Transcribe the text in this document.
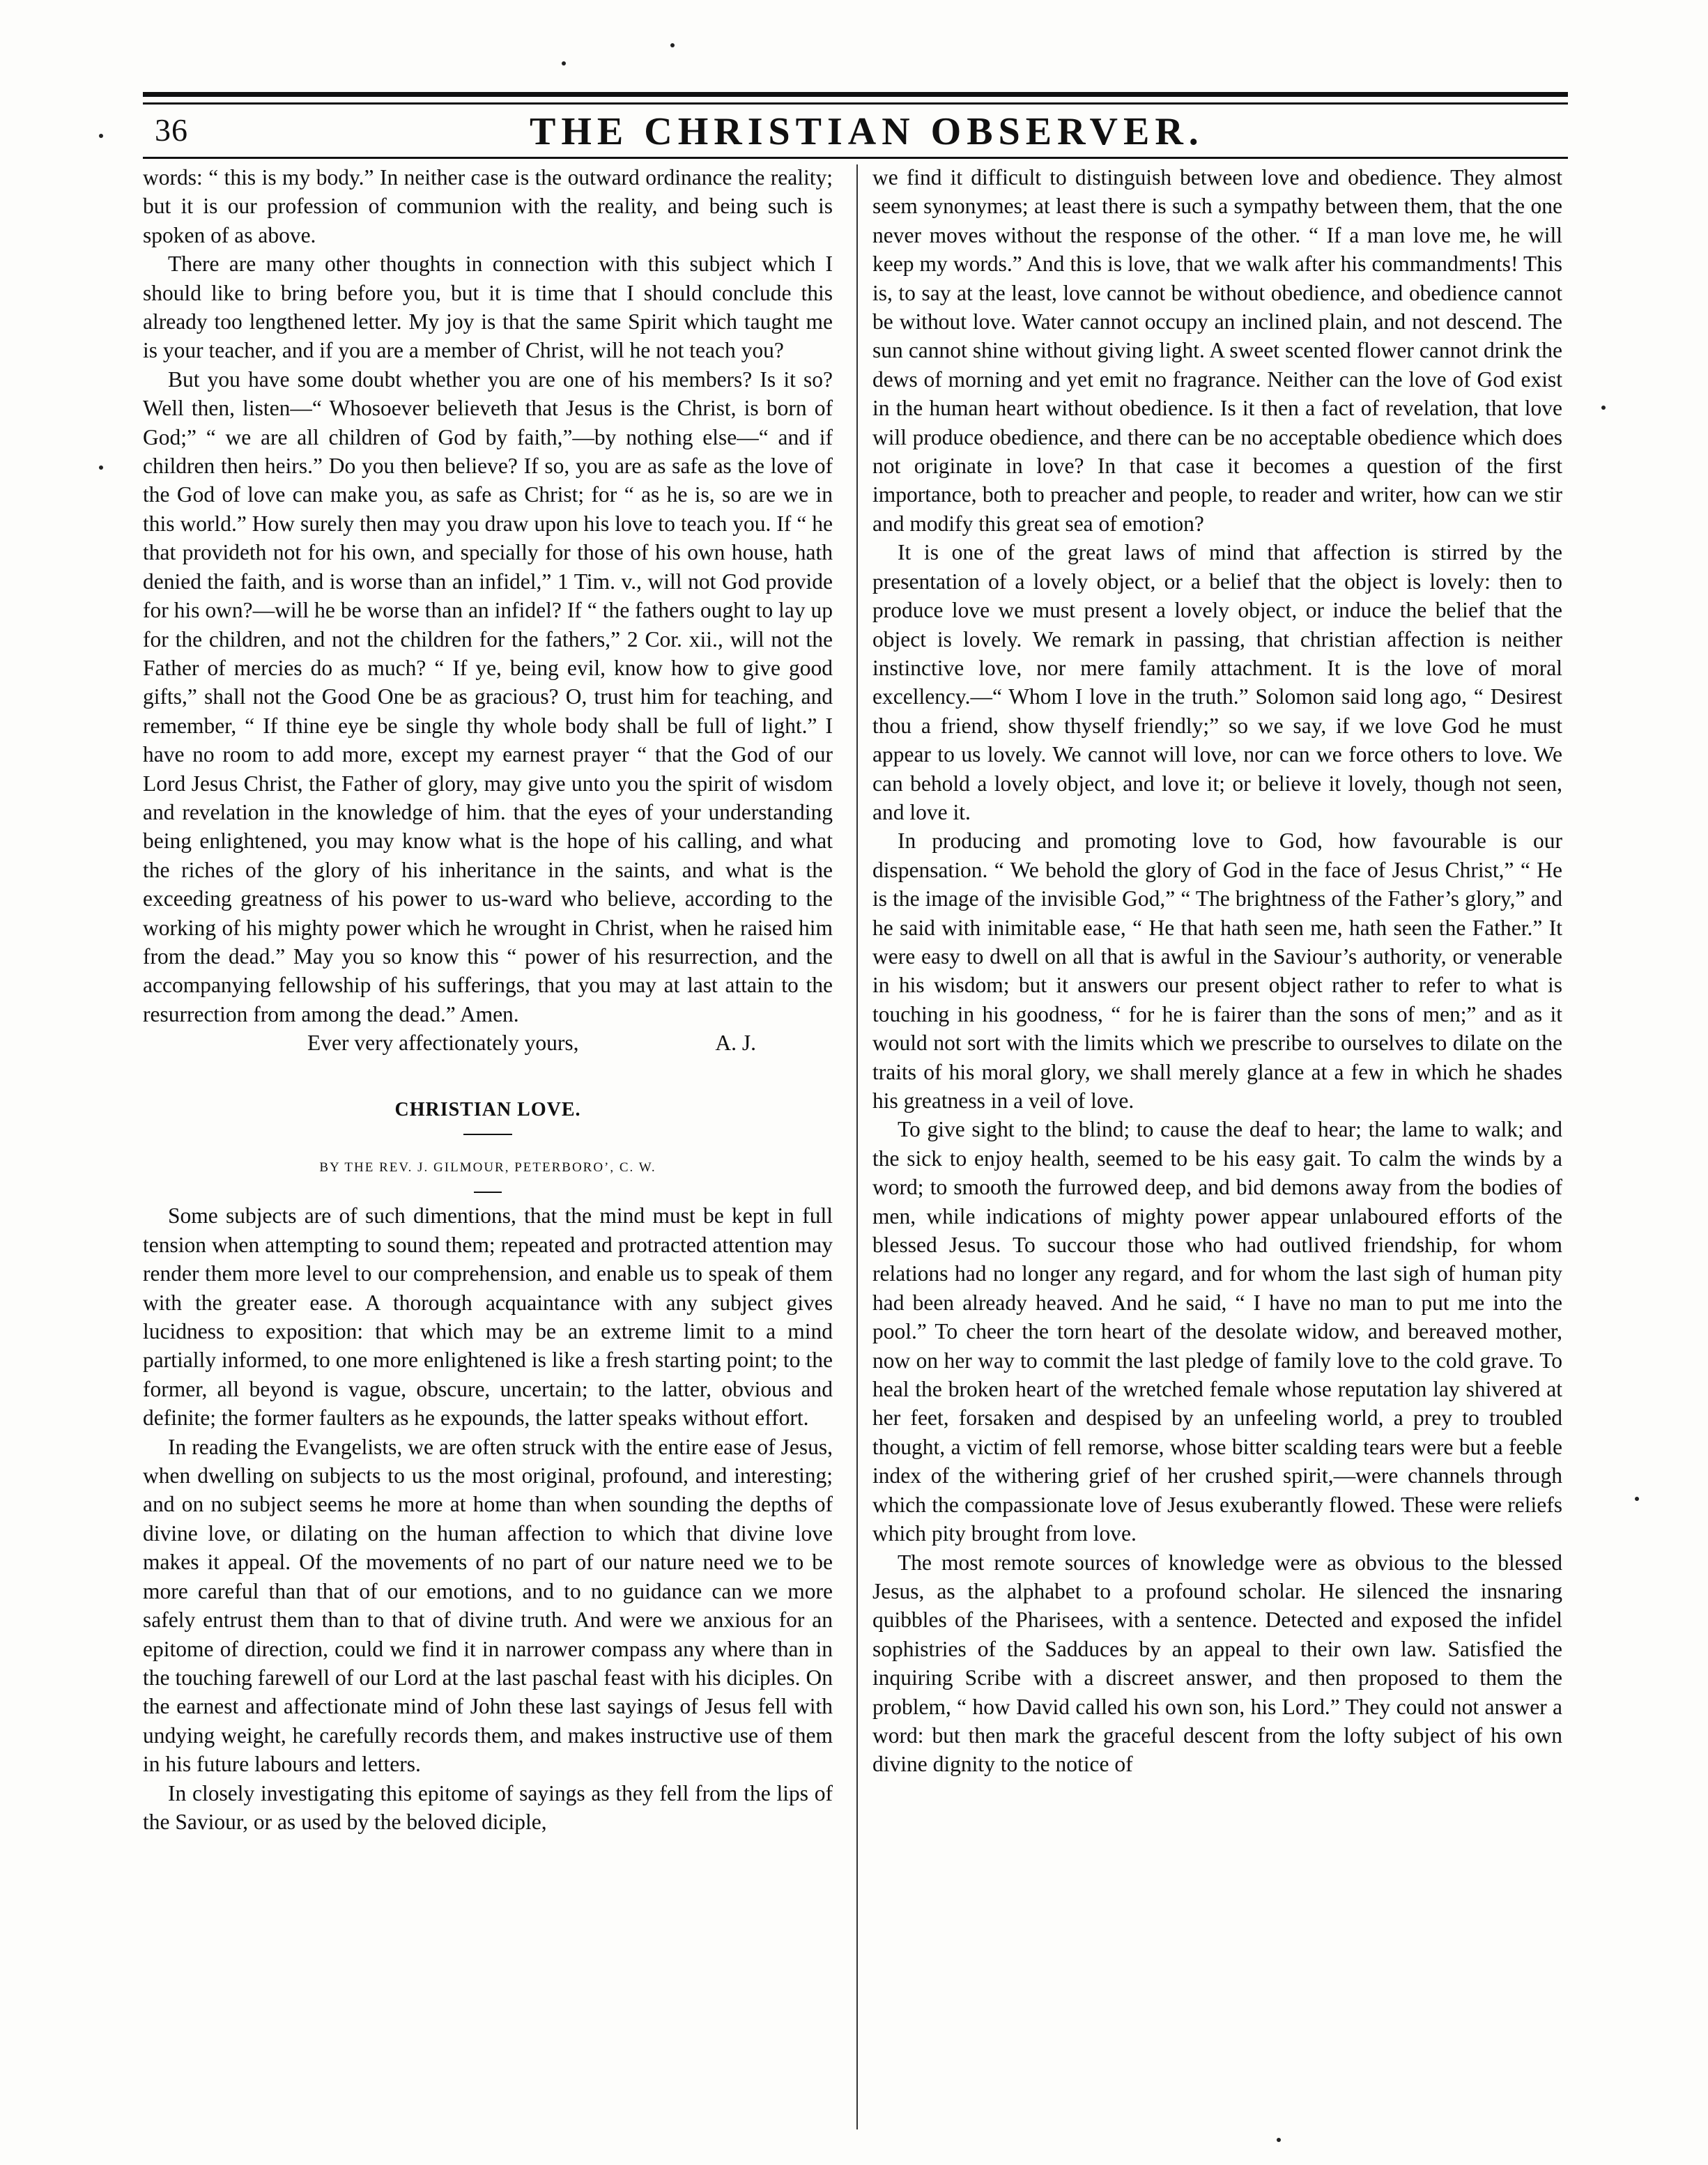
36	THE CHRISTIAN OBSERVER.

words: “ this is my body.” In neither case is the outward ordinance the reality; but it is our profession of communion with the reality, and being such is spoken of as above.

There are many other thoughts in connection with this subject which I should like to bring before you, but it is time that I should conclude this already too lengthened letter. My joy is that the same Spirit which taught me is your teacher, and if you are a member of Christ, will he not teach you?

But you have some doubt whether you are one of his members? Is it so? Well then, listen—“ Whosoever believeth that Jesus is the Christ, is born of God;” “ we are all children of God by faith,”—by nothing else—“ and if children then heirs.” Do you then believe? If so, you are as safe as the love of the God of love can make you, as safe as Christ; for “ as he is, so are we in this world.” How surely then may you draw upon his love to teach you. If “ he that provideth not for his own, and specially for those of his own house, hath denied the faith, and is worse than an infidel,” 1 Tim. v., will not God provide for his own?—will he be worse than an infidel? If “ the fathers ought to lay up for the children, and not the children for the fathers,” 2 Cor. xii., will not the Father of mercies do as much? “ If ye, being evil, know how to give good gifts,” shall not the Good One be as gracious? O, trust him for teaching, and remember, “ If thine eye be single thy whole body shall be full of light.” I have no room to add more, except my earnest prayer “ that the God of our Lord Jesus Christ, the Father of glory, may give unto you the spirit of wisdom and revelation in the knowledge of him. that the eyes of your understanding being enlightened, you may know what is the hope of his calling, and what the riches of the glory of his inheritance in the saints, and what is the exceeding greatness of his power to us-ward who believe, according to the working of his mighty power which he wrought in Christ, when he raised him from the dead.” May you so know this “ power of his resurrection, and the accompanying fellowship of his sufferings, that you may at last attain to the resurrection from among the dead.” Amen.

Ever very affectionately yours,	A. J.

CHRISTIAN LOVE.
BY THE REV. J. GILMOUR, PETERBORO’, C. W.

Some subjects are of such dimentions, that the mind must be kept in full tension when attempting to sound them; repeated and protracted attention may render them more level to our comprehension, and enable us to speak of them with the greater ease. A thorough acquaintance with any subject gives lucidness to exposition: that which may be an extreme limit to a mind partially informed, to one more enlightened is like a fresh starting point; to the former, all beyond is vague, obscure, uncertain; to the latter, obvious and definite; the former faulters as he expounds, the latter speaks without effort.

In reading the Evangelists, we are often struck with the entire ease of Jesus, when dwelling on subjects to us the most original, profound, and interesting; and on no subject seems he more at home than when sounding the depths of divine love, or dilating on the human affection to which that divine love makes it appeal. Of the movements of no part of our nature need we to be more careful than that of our emotions, and to no guidance can we more safely entrust them than to that of divine truth. And were we anxious for an epitome of direction, could we find it in narrower compass any where than in the touching farewell of our Lord at the last paschal feast with his diciples. On the earnest and affectionate mind of John these last sayings of Jesus fell with undying weight, he carefully records them, and makes instructive use of them in his future labours and letters.

In closely investigating this epitome of sayings as they fell from the lips of the Saviour, or as used by the beloved diciple,

we find it difficult to distinguish between love and obedience. They almost seem synonymes; at least there is such a sympathy between them, that the one never moves without the response of the other. “ If a man love me, he will keep my words.” And this is love, that we walk after his commandments! This is, to say at the least, love cannot be without obedience, and obedience cannot be without love. Water cannot occupy an inclined plain, and not descend. The sun cannot shine without giving light. A sweet scented flower cannot drink the dews of morning and yet emit no fragrance. Neither can the love of God exist in the human heart without obedience. Is it then a fact of revelation, that love will produce obedience, and there can be no acceptable obedience which does not originate in love? In that case it becomes a question of the first importance, both to preacher and people, to reader and writer, how can we stir and modify this great sea of emotion?

It is one of the great laws of mind that affection is stirred by the presentation of a lovely object, or a belief that the object is lovely: then to produce love we must present a lovely object, or induce the belief that the object is lovely. We remark in passing, that christian affection is neither instinctive love, nor mere family attachment. It is the love of moral excellency.—“ Whom I love in the truth.” Solomon said long ago, “ Desirest thou a friend, show thyself friendly;” so we say, if we love God he must appear to us lovely. We cannot will love, nor can we force others to love. We can behold a lovely object, and love it; or believe it lovely, though not seen, and love it.

In producing and promoting love to God, how favourable is our dispensation. “ We behold the glory of God in the face of Jesus Christ,” “ He is the image of the invisible God,” “ The brightness of the Father’s glory,” and he said with inimitable ease, “ He that hath seen me, hath seen the Father.” It were easy to dwell on all that is awful in the Saviour’s authority, or venerable in his wisdom; but it answers our present object rather to refer to what is touching in his goodness, “ for he is fairer than the sons of men;” and as it would not sort with the limits which we prescribe to ourselves to dilate on the traits of his moral glory, we shall merely glance at a few in which he shades his greatness in a veil of love.

To give sight to the blind; to cause the deaf to hear; the lame to walk; and the sick to enjoy health, seemed to be his easy gait. To calm the winds by a word; to smooth the furrowed deep, and bid demons away from the bodies of men, while indications of mighty power appear unlaboured efforts of the blessed Jesus. To succour those who had outlived friendship, for whom relations had no longer any regard, and for whom the last sigh of human pity had been already heaved. And he said, “ I have no man to put me into the pool.” To cheer the torn heart of the desolate widow, and bereaved mother, now on her way to commit the last pledge of family love to the cold grave. To heal the broken heart of the wretched female whose reputation lay shivered at her feet, forsaken and despised by an unfeeling world, a prey to troubled thought, a victim of fell remorse, whose bitter scalding tears were but a feeble index of the withering grief of her crushed spirit,—were channels through which the compassionate love of Jesus exuberantly flowed. These were reliefs which pity brought from love.

The most remote sources of knowledge were as obvious to the blessed Jesus, as the alphabet to a profound scholar. He silenced the insnaring quibbles of the Pharisees, with a sentence. Detected and exposed the infidel sophistries of the Sadduces by an appeal to their own law. Satisfied the inquiring Scribe with a discreet answer, and then proposed to them the problem, “ how David called his own son, his Lord.” They could not answer a word: but then mark the graceful descent from the lofty subject of his own divine dignity to the notice of
